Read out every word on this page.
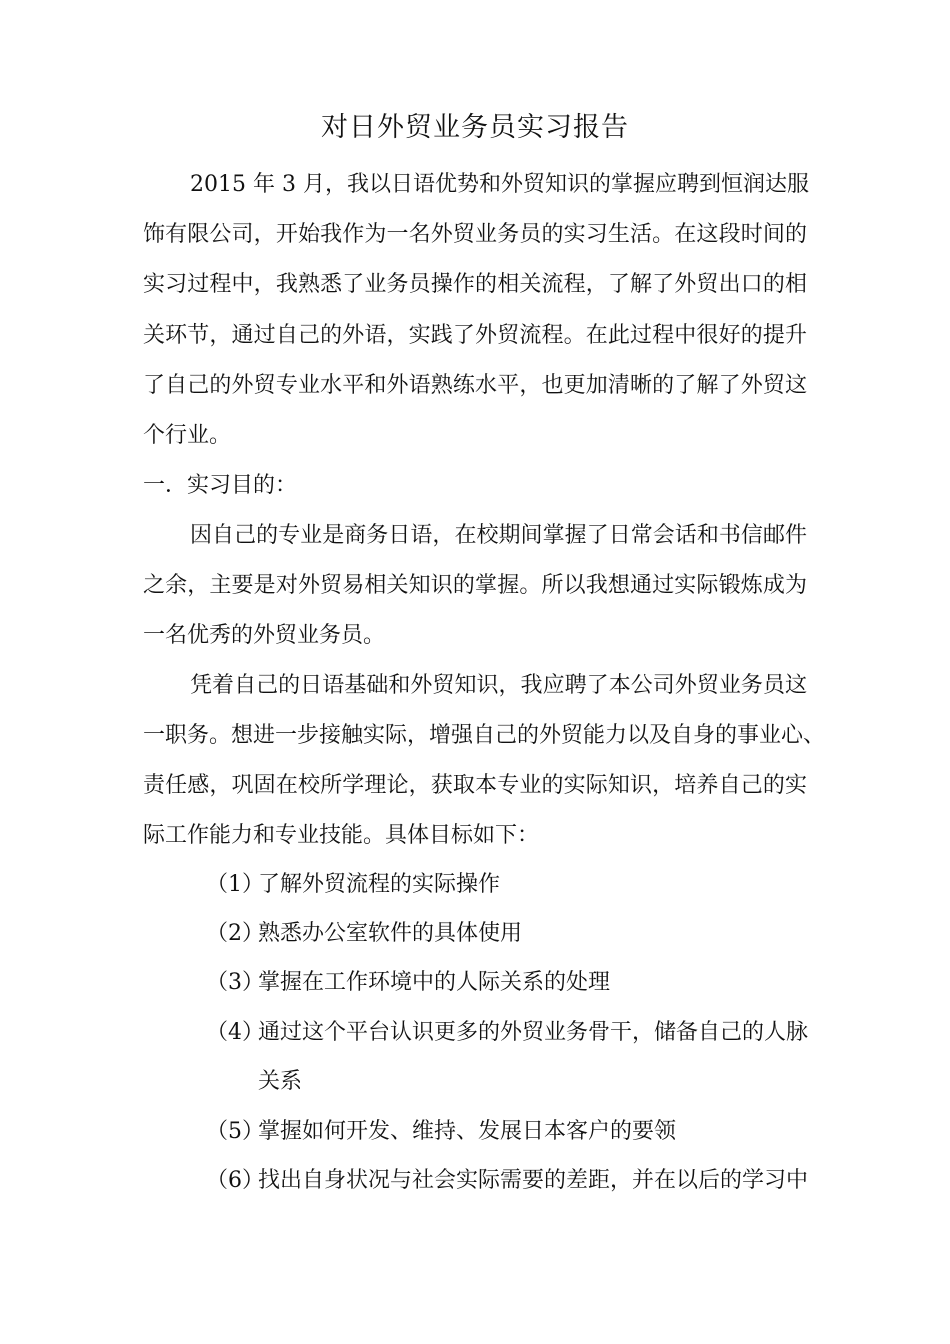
对日外贸业务员实习报告
2015 年 3 月，我以日语优势和外贸知识的掌握应聘到恒润达服
饰有限公司，开始我作为一名外贸业务员的实习生活。在这段时间的
实习过程中，我熟悉了业务员操作的相关流程，了解了外贸出口的相
关环节，通过自己的外语，实践了外贸流程。在此过程中很好的提升
了自己的外贸专业水平和外语熟练水平，也更加清晰的了解了外贸这
个行业。
一．实习目的：
因自己的专业是商务日语，在校期间掌握了日常会话和书信邮件
之余，主要是对外贸易相关知识的掌握。所以我想通过实际锻炼成为
一名优秀的外贸业务员。
凭着自己的日语基础和外贸知识，我应聘了本公司外贸业务员这
一职务。想进一步接触实际，增强自己的外贸能力以及自身的事业心、
责任感，巩固在校所学理论，获取本专业的实际知识，培养自己的实
际工作能力和专业技能。具体目标如下：
（1）了解外贸流程的实际操作
（2）熟悉办公室软件的具体使用
（3）掌握在工作环境中的人际关系的处理
（4）通过这个平台认识更多的外贸业务骨干，储备自己的人脉
关系
（5）掌握如何开发、维持、发展日本客户的要领
（6）找出自身状况与社会实际需要的差距，并在以后的学习中
